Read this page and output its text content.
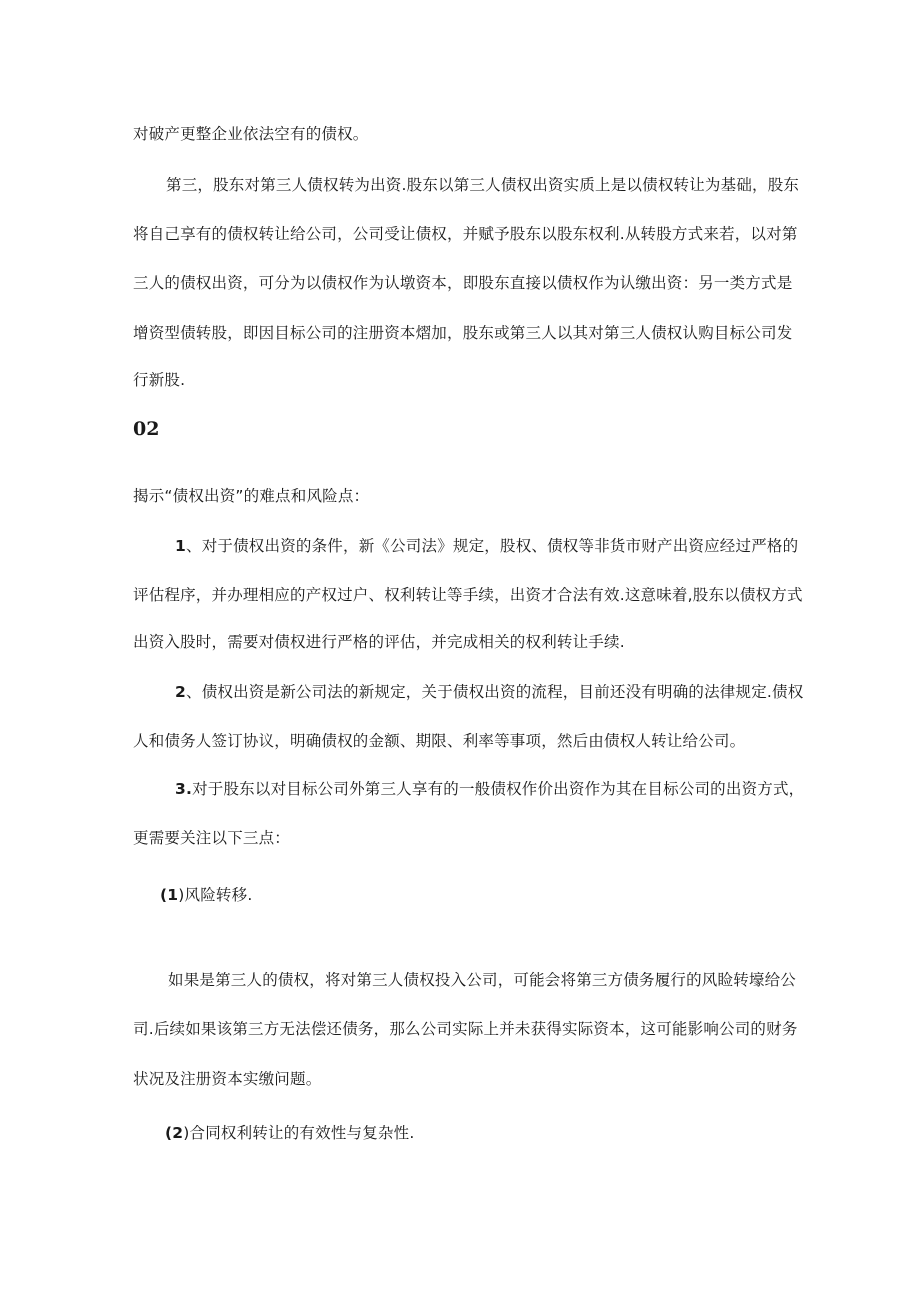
对破产更整企业依法空有的债权。
第三，股东对第三人债权转为出资.股东以第三人债权出资实质上是以债权转让为基础，股东
将自己享有的债权转让给公司，公司受让债权，并赋予股东以股东权利.从转股方式来若，以对第
三人的债权出资，可分为以债权作为认墩资本，即股东直接以债权作为认缴出资：另一类方式是
增资型债转股，即因目标公司的注册资本熠加，股东或第三人以其对第三人债权认购目标公司发
行新股.
02
揭示“债权出资”的难点和风险点：
1、对于债权出资的条件，新《公司法》规定，股权、债权等非货市财产出资应经过严格的
评估程序，并办理相应的产权过户、权利转让等手续，出资才合法有效.这意味着,股东以债权方式
出资入股时，需要对债权进行严格的评估，并完成相关的权利转让手续.
2、债权出资是新公司法的新规定，关于债权出资的流程，目前还没有明确的法律规定.债权
人和债务人签订协议，明确债权的金额、期限、利率等事项，然后由债权人转让给公司。
3.对于股东以对目标公司外第三人享有的一般债权作价出资作为其在目标公司的出资方式，
更需要关注以下三点：
(1)风险转移.
如果是第三人的债权，将对第三人债权投入公司，可能会将第三方债务履行的风睑转壕给公
司.后续如果该第三方无法偿还债务，那么公司实际上并未获得实际资本，这可能影响公司的财务
状况及注册资本实缴问题。
(2)合同权利转让的有效性与复杂性.
